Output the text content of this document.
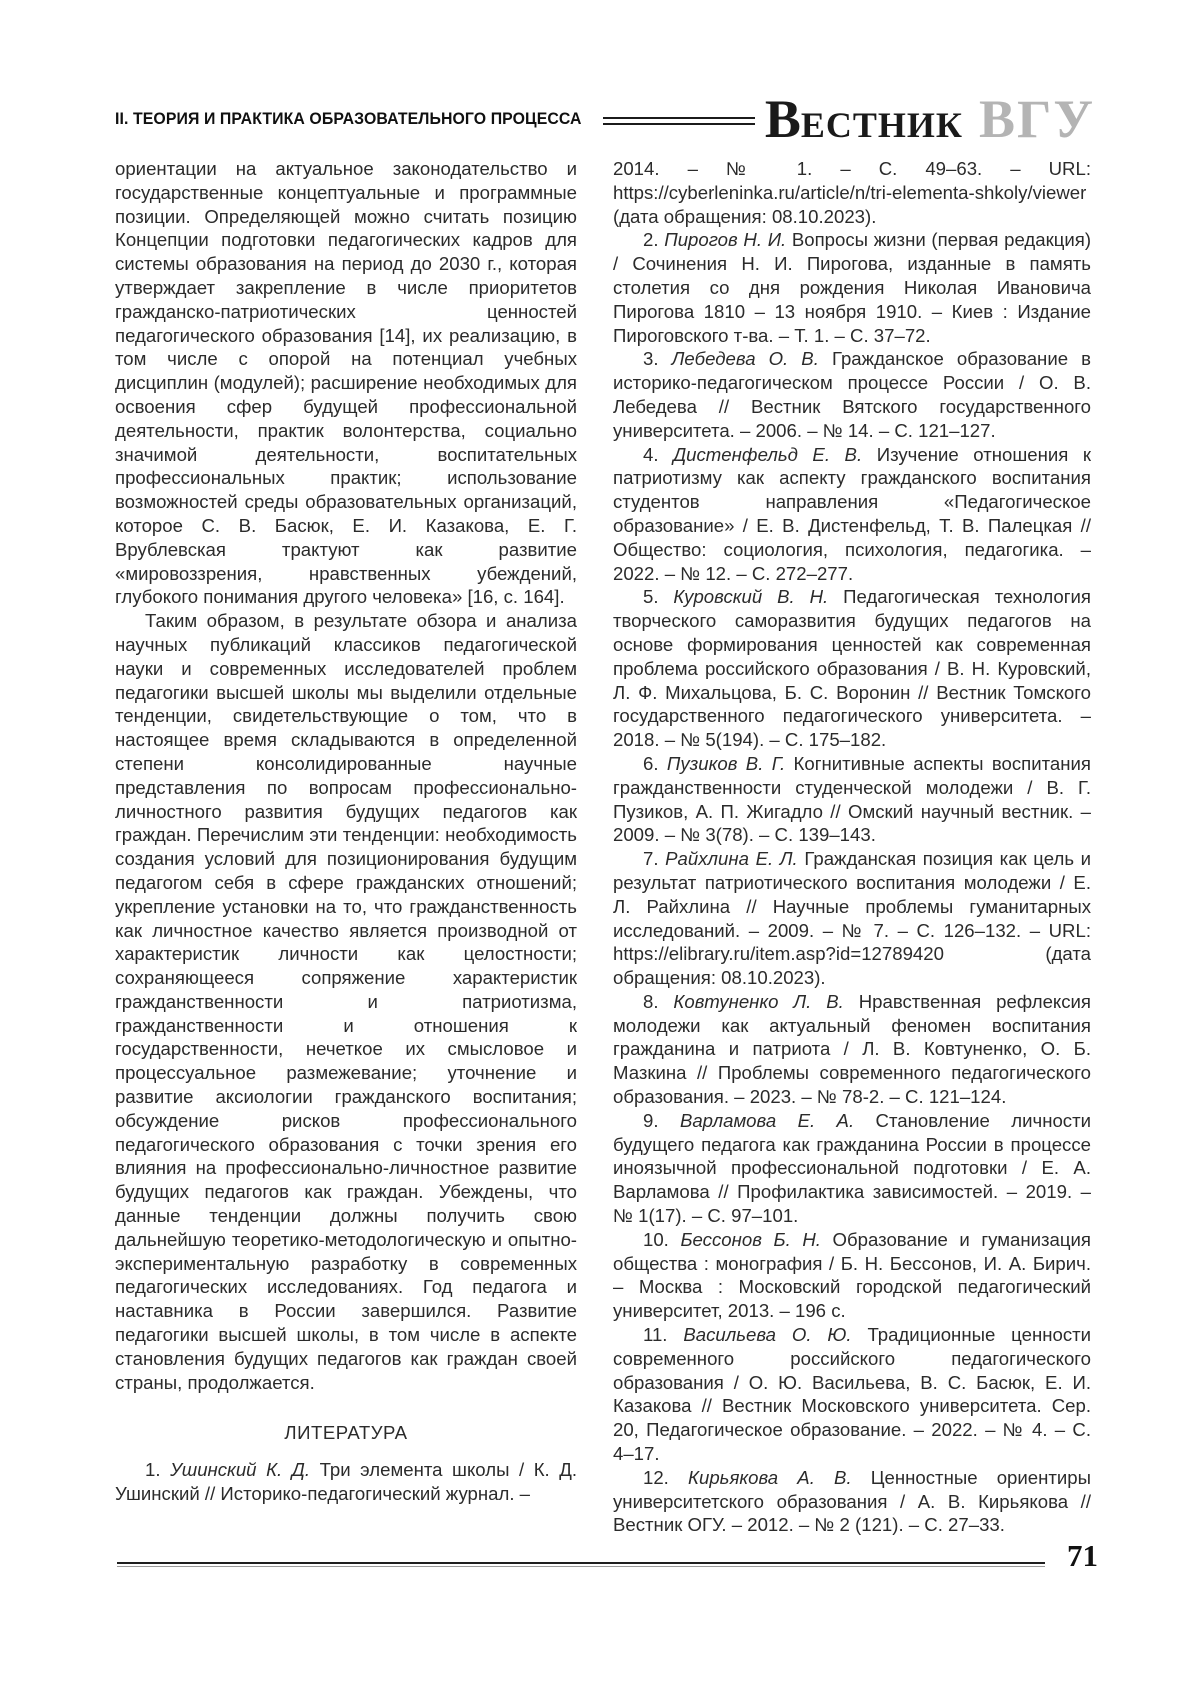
II. ТЕОРИЯ И ПРАКТИКА ОБРАЗОВАТЕЛЬНОГО ПРОЦЕССА	В ЕСТНИК ВГУ

ориентации на актуальное законодательство и государственные концептуальные и программные позиции. Определяющей можно считать позицию Концепции подготовки педагогических кадров для системы образования на период до 2030 г., которая утверждает закрепление в числе приоритетов гражданско-патриотических ценностей педагогического образования [14], их реализацию, в том числе с опорой на потенциал учебных дисциплин (модулей); расширение необходимых для освоения сфер будущей профессиональной деятельности, практик волонтерства, социально значимой деятельности, воспитательных профессиональных практик; использование возможностей среды образовательных организаций, которое С. В. Басюк, Е. И. Казакова, Е. Г. Врублевская трактуют как развитие «мировоззрения, нравственных убеждений, глубокого понимания другого человека» [16, с. 164].

Таким образом, в результате обзора и анализа научных публикаций классиков педагогической науки и современных исследователей проблем педагогики высшей школы мы выделили отдельные тенденции, свидетельствующие о том, что в настоящее время складываются в определенной степени консолидированные научные представления по вопросам профессионально-личностного развития будущих педагогов как граждан. Перечислим эти тенденции: необходимость создания условий для позиционирования будущим педагогом себя в сфере гражданских отношений; укрепление установки на то, что гражданственность как личностное качество является производной от характеристик личности как целостности; сохраняющееся сопряжение характеристик гражданственности и патриотизма, гражданственности и отношения к государственности, нечеткое их смысловое и процессуальное размежевание; уточнение и развитие аксиологии гражданского воспитания; обсуждение рисков профессионального педагогического образования с точки зрения его влияния на профессионально-личностное развитие будущих педагогов как граждан. Убеждены, что данные тенденции должны получить свою дальнейшую теоретико-методологическую и опытно-экспериментальную разработку в современных педагогических исследованиях. Год педагога и наставника в России завершился. Развитие педагогики высшей школы, в том числе в аспекте становления будущих педагогов как граждан своей страны, продолжается.

ЛИТЕРАТУРА
1. Ушинский К. Д. Три элемента школы / К. Д. Ушинский // Историко-педагогический журнал. –
2014. – № 1. – С. 49–63. – URL: https://cyberleninka.ru/article/n/tri-elementa-shkoly/viewer (дата обращения: 08.10.2023).
2. Пирогов Н. И. Вопросы жизни (первая редакция) / Сочинения Н. И. Пирогова, изданные в память столетия со дня рождения Николая Ивановича Пирогова 1810 – 13 ноября 1910. – Киев : Издание Пироговского т-ва. – Т. 1. – С. 37–72.
3. Лебедева О. В. Гражданское образование в историко-педагогическом процессе России / О. В. Лебедева // Вестник Вятского государственного университета. – 2006. – № 14. – С. 121–127.
4. Дистенфельд Е. В. Изучение отношения к патриотизму как аспекту гражданского воспитания студентов направления «Педагогическое образование» / Е. В. Дистенфельд, Т. В. Палецкая // Общество: социология, психология, педагогика. – 2022. – № 12. – С. 272–277.
5. Куровский В. Н. Педагогическая технология творческого саморазвития будущих педагогов на основе формирования ценностей как современная проблема российского образования / В. Н. Куровский, Л. Ф. Михальцова, Б. С. Воронин // Вестник Томского государственного педагогического университета. – 2018. – № 5(194). – С. 175–182.
6. Пузиков В. Г. Когнитивные аспекты воспитания гражданственности студенческой молодежи / В. Г. Пузиков, А. П. Жигадло // Омский научный вестник. – 2009. – № 3(78). – С. 139–143.
7. Райхлина Е. Л. Гражданская позиция как цель и результат патриотического воспитания молодежи / Е. Л. Райхлина // Научные проблемы гуманитарных исследований. – 2009. – № 7. – С. 126–132. – URL: https://elibrary.ru/item.asp?id=12789420 (дата обращения: 08.10.2023).
8. Ковтуненко Л. В. Нравственная рефлексия молодежи как актуальный феномен воспитания гражданина и патриота / Л. В. Ковтуненко, О. Б. Мазкина // Проблемы современного педагогического образования. – 2023. – № 78-2. – С. 121–124.
9. Варламова Е. А. Становление личности будущего педагога как гражданина России в процессе иноязычной профессиональной подготовки / Е. А. Варламова // Профилактика зависимостей. – 2019. – № 1(17). – С. 97–101.
10. Бессонов Б. Н. Образование и гуманизация общества : монография / Б. Н. Бессонов, И. А. Бирич. – Москва : Московский городской педагогический университет, 2013. – 196 с.
11. Васильева О. Ю. Традиционные ценности современного российского педагогического образования / О. Ю. Васильева, В. С. Басюк, Е. И. Казакова // Вестник Московского университета. Сер. 20, Педагогическое образование. – 2022. – № 4. – С. 4–17.
12. Кирьякова А. В. Ценностные ориентиры университетского образования / А. В. Кирьякова // Вестник ОГУ. – 2012. – № 2 (121). – С. 27–33.
71
